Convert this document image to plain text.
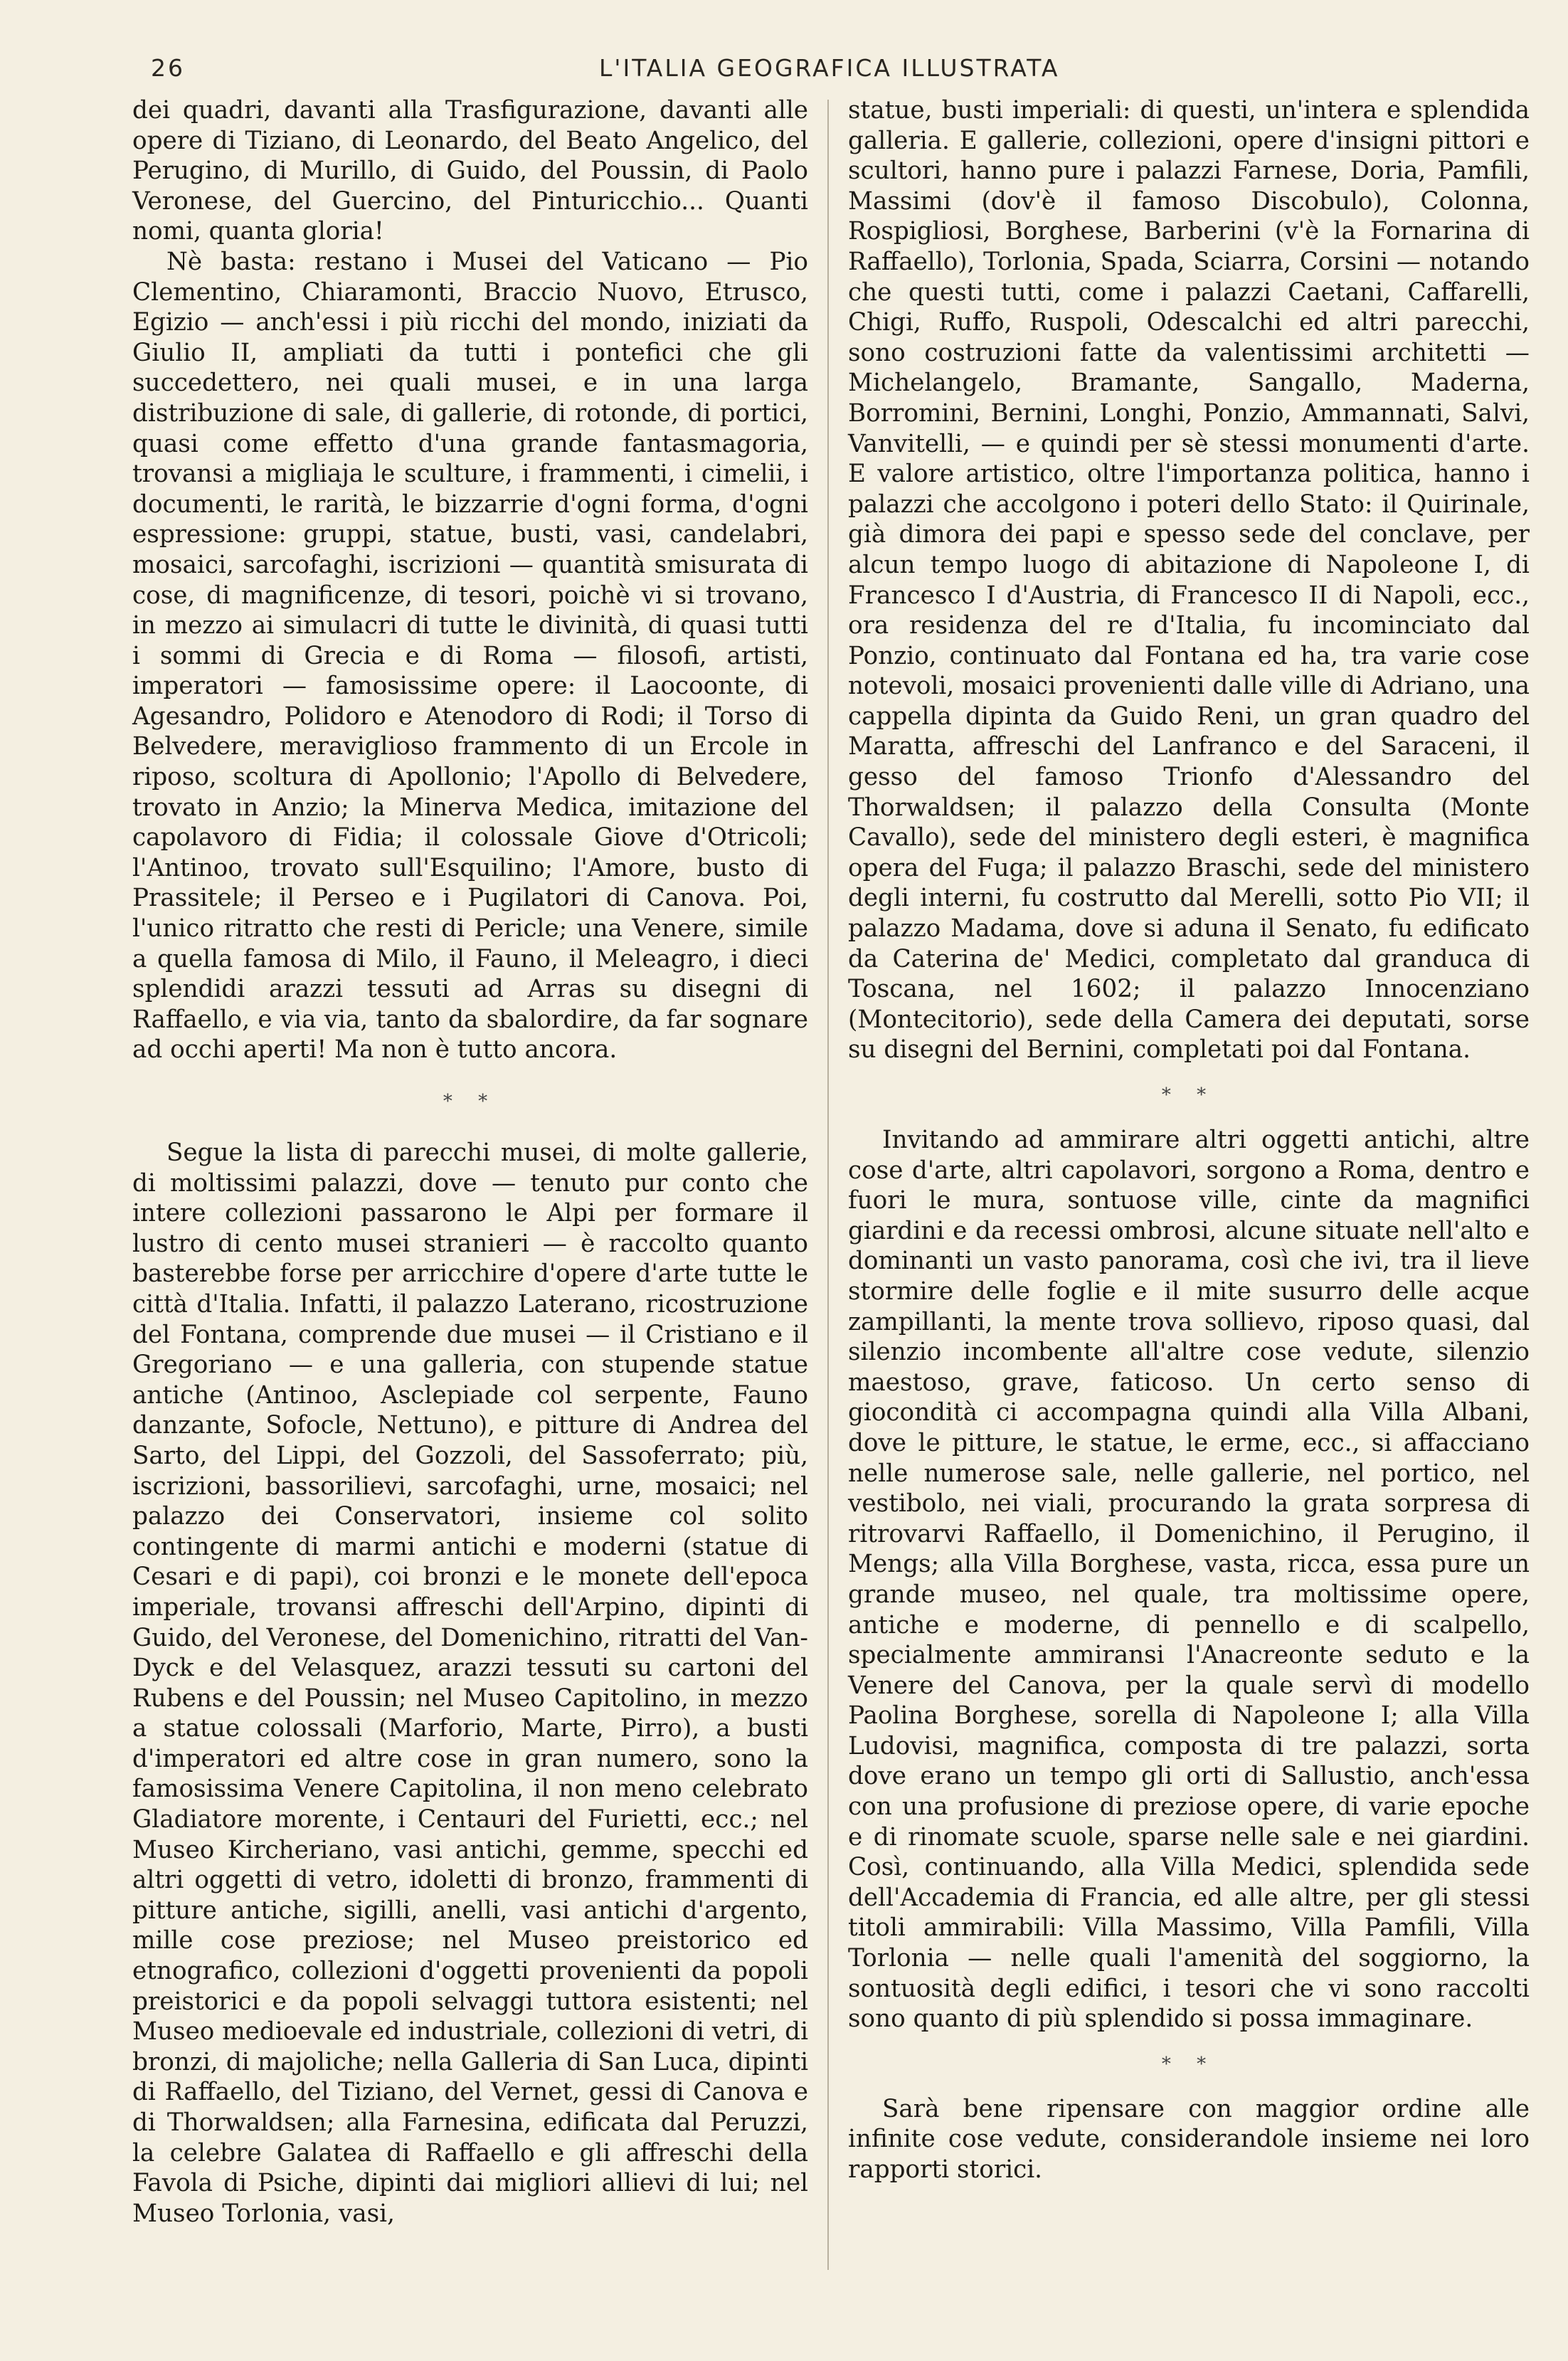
26	L'ITALIA GEOGRAFICA ILLUSTRATA

dei quadri, davanti alla Trasfigurazione, davanti alle opere di Tiziano, di Leonardo, del Beato Angelico, del Perugino, di Murillo, di Guido, del Poussin, di Paolo Veronese, del Guercino, del Pinturicchio... Quanti nomi, quanta gloria!

Nè basta: restano i Musei del Vaticano — Pio Clementino, Chiaramonti, Braccio Nuovo, Etrusco, Egizio — anch'essi i più ricchi del mondo, iniziati da Giulio II, ampliati da tutti i pontefici che gli succedettero, nei quali musei, e in una larga distribuzione di sale, di gallerie, di rotonde, di portici, quasi come effetto d'una grande fantasmagoria, trovansi a migliaja le sculture, i frammenti, i cimelii, i documenti, le rarità, le bizzarrie d'ogni forma, d'ogni espressione: gruppi, statue, busti, vasi, candelabri, mosaici, sarcofaghi, iscrizioni — quantità smisurata di cose, di magnificenze, di tesori, poichè vi si trovano, in mezzo ai simulacri di tutte le divinità, di quasi tutti i sommi di Grecia e di Roma — filosofi, artisti, imperatori — famosissime opere: il Laocoonte, di Agesandro, Polidoro e Atenodoro di Rodi; il Torso di Belvedere, meraviglioso frammento di un Ercole in riposo, scoltura di Apollonio; l'Apollo di Belvedere, trovato in Anzio; la Minerva Medica, imitazione del capolavoro di Fidia; il colossale Giove d'Otricoli; l'Antinoo, trovato sull'Esquilino; l'Amore, busto di Prassitele; il Perseo e i Pugilatori di Canova. Poi, l'unico ritratto che resti di Pericle; una Venere, simile a quella famosa di Milo, il Fauno, il Meleagro, i dieci splendidi arazzi tessuti ad Arras su disegni di Raffaello, e via via, tanto da sbalordire, da far sognare ad occhi aperti! Ma non è tutto ancora.

* *

Segue la lista di parecchi musei, di molte gallerie, di moltissimi palazzi, dove — tenuto pur conto che intere collezioni passarono le Alpi per formare il lustro di cento musei stranieri — è raccolto quanto basterebbe forse per arricchire d'opere d'arte tutte le città d'Italia. Infatti, il palazzo Laterano, ricostruzione del Fontana, comprende due musei — il Cristiano e il Gregoriano — e una galleria, con stupende statue antiche (Antinoo, Asclepiade col serpente, Fauno danzante, Sofocle, Nettuno), e pitture di Andrea del Sarto, del Lippi, del Gozzoli, del Sassoferrato; più, iscrizioni, bassorilievi, sarcofaghi, urne, mosaici; nel palazzo dei Conservatori, insieme col solito contingente di marmi antichi e moderni (statue di Cesari e di papi), coi bronzi e le monete dell'epoca imperiale, trovansi affreschi dell'Arpino, dipinti di Guido, del Veronese, del Domenichino, ritratti del Van-Dyck e del Velasquez, arazzi tessuti su cartoni del Rubens e del Poussin; nel Museo Capitolino, in mezzo a statue colossali (Marforio, Marte, Pirro), a busti d'imperatori ed altre cose in gran numero, sono la famosissima Venere Capitolina, il non meno celebrato Gladiatore morente, i Centauri del Furietti, ecc.; nel Museo Kircheriano, vasi antichi, gemme, specchi ed altri oggetti di vetro, idoletti di bronzo, frammenti di pitture antiche, sigilli, anelli, vasi antichi d'argento, mille cose preziose; nel Museo preistorico ed etnografico, collezioni d'oggetti provenienti da popoli preistorici e da popoli selvaggi tuttora esistenti; nel Museo medioevale ed industriale, collezioni di vetri, di bronzi, di majoliche; nella Galleria di San Luca, dipinti di Raffaello, del Tiziano, del Vernet, gessi di Canova e di Thorwaldsen; alla Farnesina, edificata dal Peruzzi, la celebre Galatea di Raffaello e gli affreschi della Favola di Psiche, dipinti dai migliori allievi di lui; nel Museo Torlonia, vasi,

statue, busti imperiali: di questi, un'intera e splendida galleria. E gallerie, collezioni, opere d'insigni pittori e scultori, hanno pure i palazzi Farnese, Doria, Pamfili, Massimi (dov'è il famoso Discobulo), Colonna, Rospigliosi, Borghese, Barberini (v'è la Fornarina di Raffaello), Torlonia, Spada, Sciarra, Corsini — notando che questi tutti, come i palazzi Caetani, Caffarelli, Chigi, Ruffo, Ruspoli, Odescalchi ed altri parecchi, sono costruzioni fatte da valentissimi architetti — Michelangelo, Bramante, Sangallo, Maderna, Borromini, Bernini, Longhi, Ponzio, Ammannati, Salvi, Vanvitelli, — e quindi per sè stessi monumenti d'arte. E valore artistico, oltre l'importanza politica, hanno i palazzi che accolgono i poteri dello Stato: il Quirinale, già dimora dei papi e spesso sede del conclave, per alcun tempo luogo di abitazione di Napoleone I, di Francesco I d'Austria, di Francesco II di Napoli, ecc., ora residenza del re d'Italia, fu incominciato dal Ponzio, continuato dal Fontana ed ha, tra varie cose notevoli, mosaici provenienti dalle ville di Adriano, una cappella dipinta da Guido Reni, un gran quadro del Maratta, affreschi del Lanfranco e del Saraceni, il gesso del famoso Trionfo d'Alessandro del Thorwaldsen; il palazzo della Consulta (Monte Cavallo), sede del ministero degli esteri, è magnifica opera del Fuga; il palazzo Braschi, sede del ministero degli interni, fu costrutto dal Merelli, sotto Pio VII; il palazzo Madama, dove si aduna il Senato, fu edificato da Caterina de' Medici, completato dal granduca di Toscana, nel 1602; il palazzo Innocenziano (Montecitorio), sede della Camera dei deputati, sorse su disegni del Bernini, completati poi dal Fontana.

* *

Invitando ad ammirare altri oggetti antichi, altre cose d'arte, altri capolavori, sorgono a Roma, dentro e fuori le mura, sontuose ville, cinte da magnifici giardini e da recessi ombrosi, alcune situate nell'alto e dominanti un vasto panorama, così che ivi, tra il lieve stormire delle foglie e il mite susurro delle acque zampillanti, la mente trova sollievo, riposo quasi, dal silenzio incombente all'altre cose vedute, silenzio maestoso, grave, faticoso. Un certo senso di giocondità ci accompagna quindi alla Villa Albani, dove le pitture, le statue, le erme, ecc., si affacciano nelle numerose sale, nelle gallerie, nel portico, nel vestibolo, nei viali, procurando la grata sorpresa di ritrovarvi Raffaello, il Domenichino, il Perugino, il Mengs; alla Villa Borghese, vasta, ricca, essa pure un grande museo, nel quale, tra moltissime opere, antiche e moderne, di pennello e di scalpello, specialmente ammiransi l'Anacreonte seduto e la Venere del Canova, per la quale servì di modello Paolina Borghese, sorella di Napoleone I; alla Villa Ludovisi, magnifica, composta di tre palazzi, sorta dove erano un tempo gli orti di Sallustio, anch'essa con una profusione di preziose opere, di varie epoche e di rinomate scuole, sparse nelle sale e nei giardini. Così, continuando, alla Villa Medici, splendida sede dell'Accademia di Francia, ed alle altre, per gli stessi titoli ammirabili: Villa Massimo, Villa Pamfili, Villa Torlonia — nelle quali l'amenità del soggiorno, la sontuosità degli edifici, i tesori che vi sono raccolti sono quanto di più splendido si possa immaginare.

* *

Sarà bene ripensare con maggior ordine alle infinite cose vedute, considerandole insieme nei loro rapporti storici.
